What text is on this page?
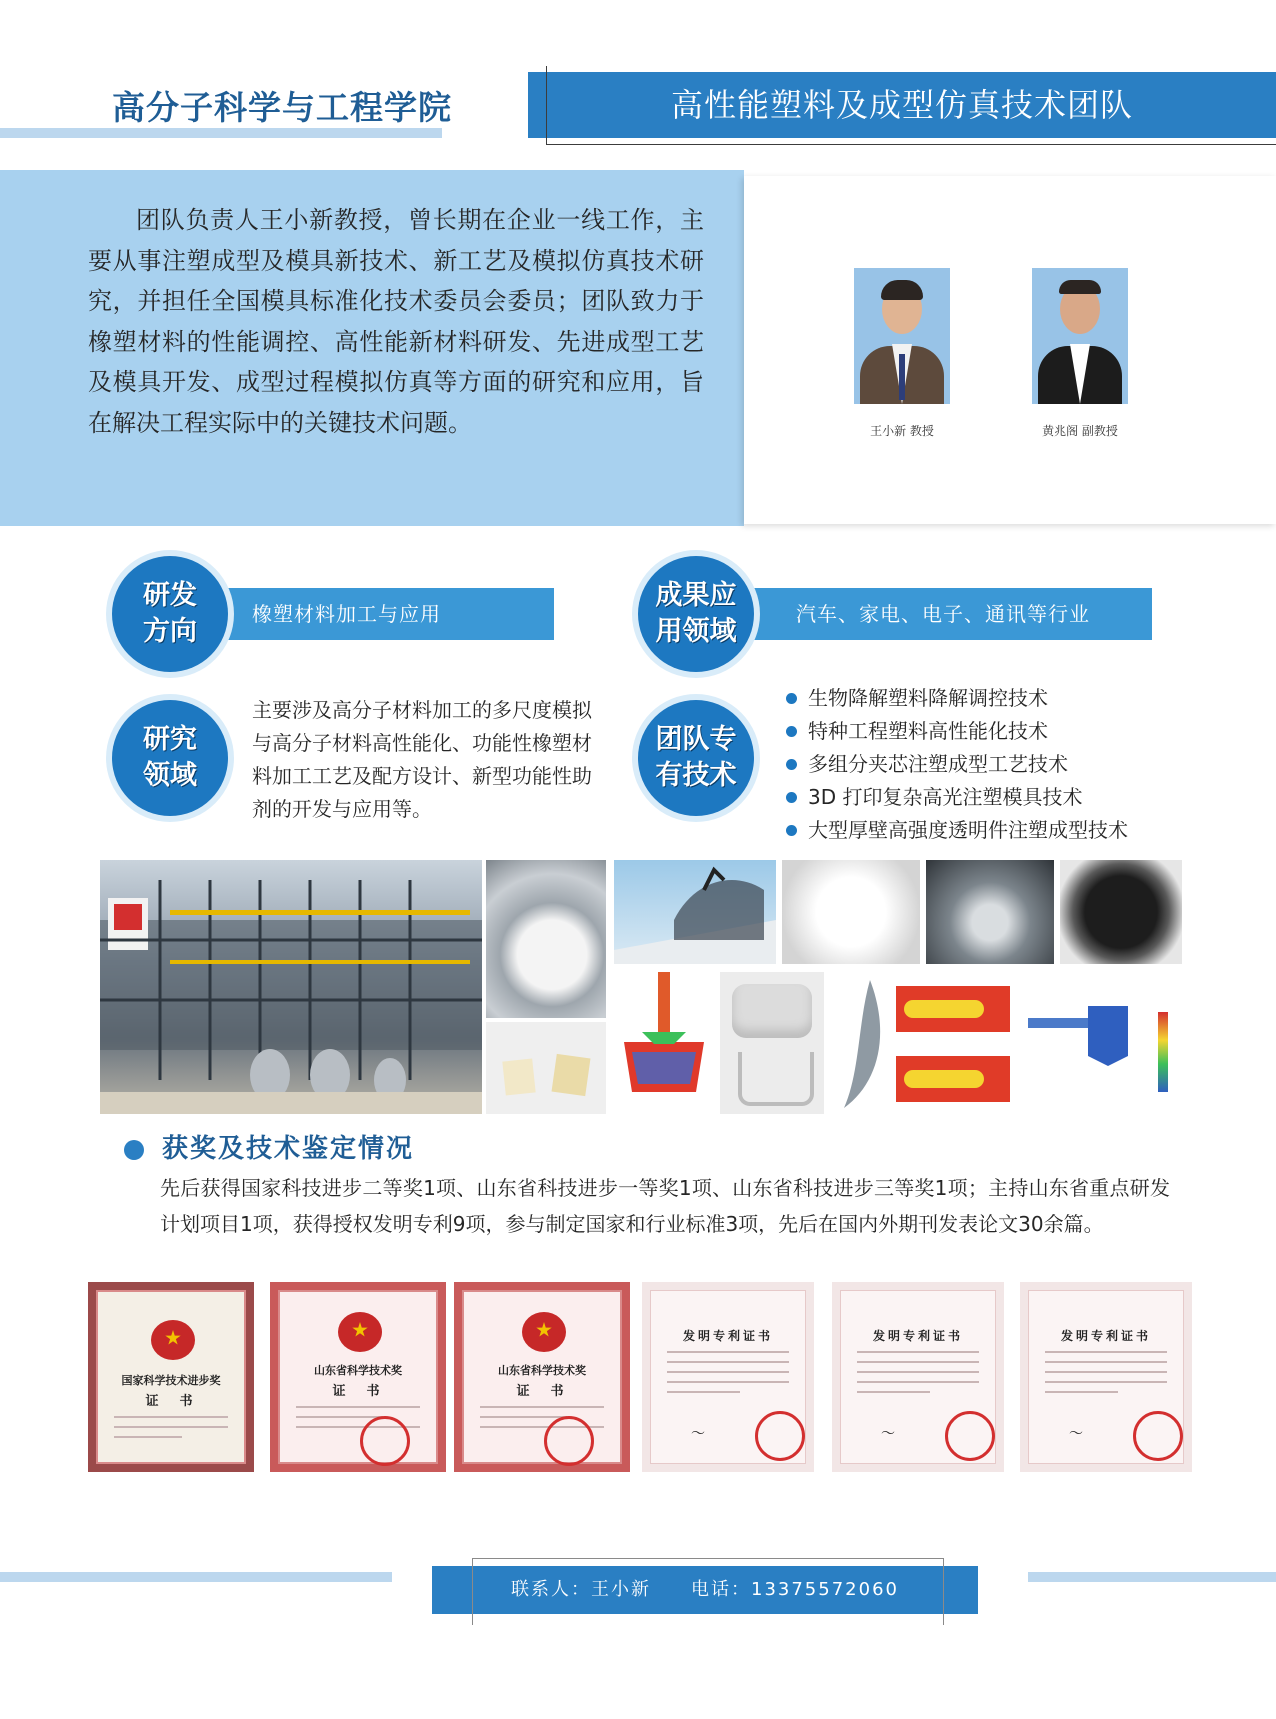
高分子科学与工程学院	高性能塑料及成型仿真技术团队
团队负责人王小新教授，曾长期在企业一线工作，主要从事注塑成型及模具新技术、新工艺及模拟仿真技术研究，并担任全国模具标准化技术委员会委员；团队致力于橡塑材料的性能调控、高性能新材料研发、先进成型工艺及模具开发、成型过程模拟仿真等方面的研究和应用，旨在解决工程实际中的关键技术问题。	王小新 教授	黄兆阁 副教授
橡塑材料加工与应用
研发
方向
汽车、家电、电子、通讯等行业
成果应
用领域
研究
领域
主要涉及高分子材料加工的多尺度模拟与高分子材料高性能化、功能性橡塑材料加工工艺及配方设计、新型功能性助剂的开发与应用等。
团队专
有技术
生物降解塑料降解调控技术
特种工程塑料高性能化技术
多组分夹芯注塑成型工艺技术
3D 打印复杂高光注塑模具技术
大型厚壁高强度透明件注塑成型技术
获奖及技术鉴定情况
先后获得国家科技进步二等奖1项、山东省科技进步一等奖1项、山东省科技进步三等奖1项；主持山东省重点研发计划项目1项，获得授权发明专利9项，参与制定国家和行业标准3项，先后在国内外期刊发表论文30余篇。
国家科学技术进步奖
证　书
山东省科学技术奖
证　书
山东省科学技术奖
证　书
发明专利证书
〜
发明专利证书
〜
发明专利证书
〜
联系人：王小新　　电话：13375572060
